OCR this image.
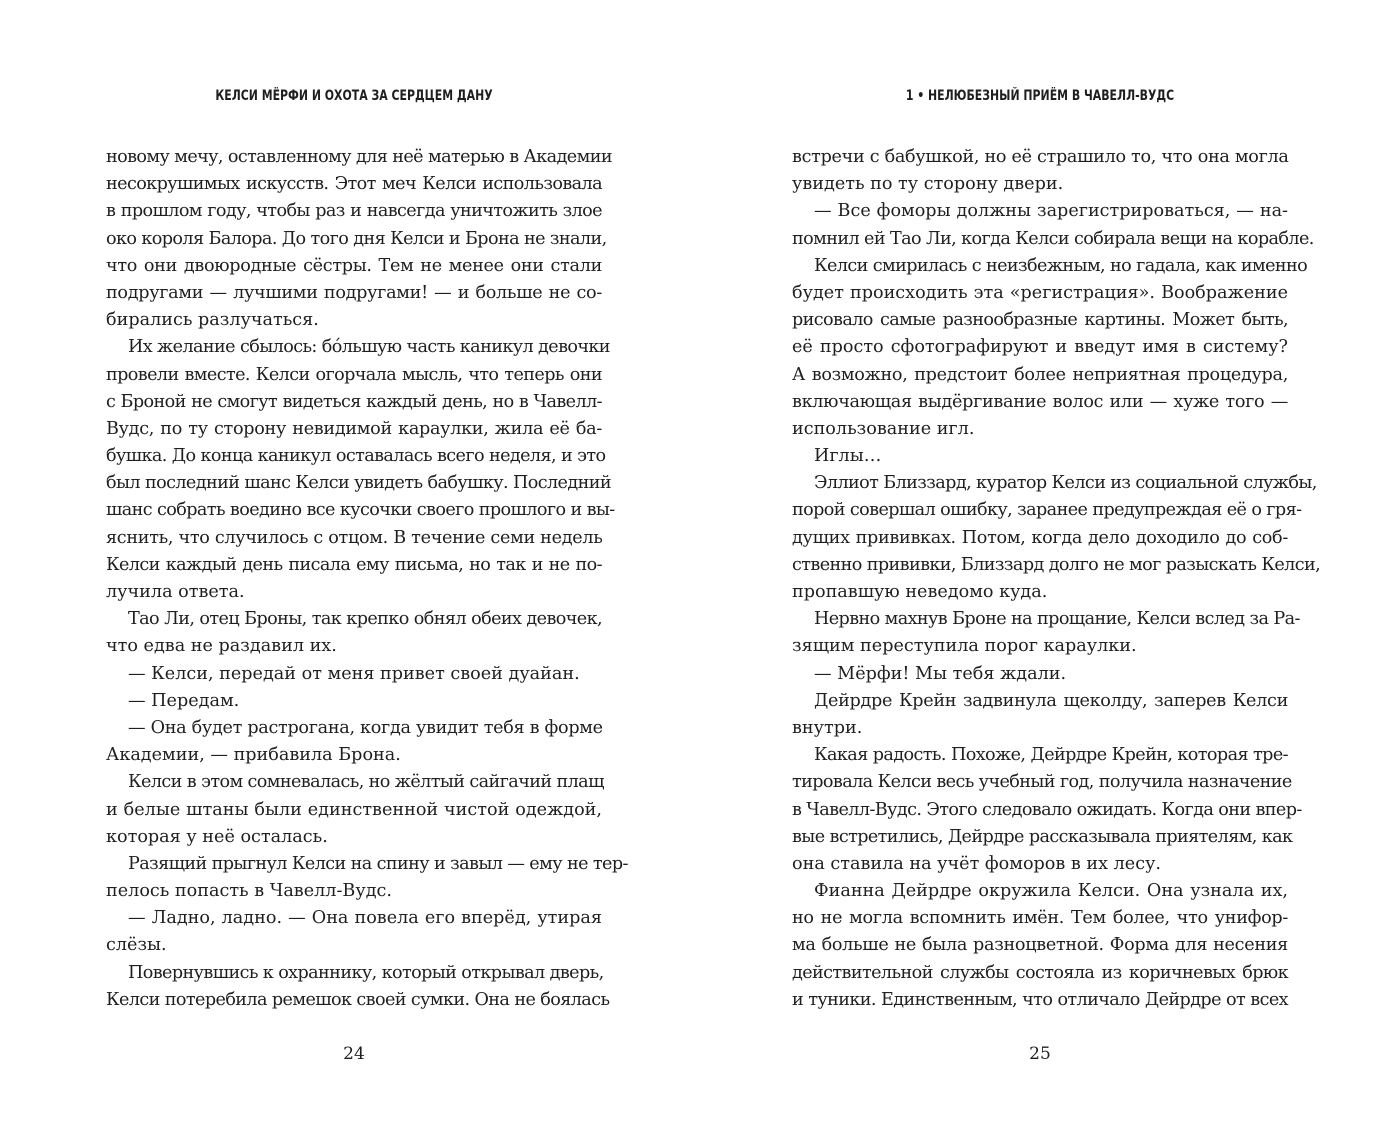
КЕЛСИ МЁРФИ И ОХОТА ЗА СЕРДЦЕМ ДАНУ
новому мечу, оставленному для неё матерью в Академии
несокрушимых искусств. Этот меч Келси использовала
в прошлом году, чтобы раз и навсегда уничтожить злое
око короля Балора. До того дня Келси и Брона не знали,
что они двоюродные сёстры. Тем не менее они стали
подругами — лучшими подругами! — и больше не со-
бирались разлучаться.
Их желание сбылось: бóльшую часть каникул девочки
провели вместе. Келси огорчала мысль, что теперь они
с Броной не смогут видеться каждый день, но в Чавелл-
Вудс, по ту сторону невидимой караулки, жила её ба-
бушка. До конца каникул оставалась всего неделя, и это
был последний шанс Келси увидеть бабушку. Последний
шанс собрать воедино все кусочки своего прошлого и вы-
яснить, что случилось с отцом. В течение семи недель
Келси каждый день писала ему письма, но так и не по-
лучила ответа.
Тао Ли, отец Броны, так крепко обнял обеих девочек,
что едва не раздавил их.
— Келси, передай от меня привет своей дуайан.
— Передам.
— Она будет растрогана, когда увидит тебя в форме
Академии, — прибавила Брона.
Келси в этом сомневалась, но жёлтый сайгачий плащ
и белые штаны были единственной чистой одеждой,
которая у неё осталась.
Разящий прыгнул Келси на спину и завыл — ему не тер-
пелось попасть в Чавелл-Вудс.
— Ладно, ладно. — Она повела его вперёд, утирая
слёзы.
Повернувшись к охраннику, который открывал дверь,
Келси потеребила ремешок своей сумки. Она не боялась
24
1 • НЕЛЮБЕЗНЫЙ ПРИЁМ В ЧАВЕЛЛ-ВУДС
встречи с бабушкой, но её страшило то, что она могла
увидеть по ту сторону двери.
— Все фоморы должны зарегистрироваться, — на-
помнил ей Тао Ли, когда Келси собирала вещи на корабле.
Келси смирилась с неизбежным, но гадала, как именно
будет происходить эта «регистрация». Воображение
рисовало самые разнообразные картины. Может быть,
её просто сфотографируют и введут имя в систему?
А возможно, предстоит более неприятная процедура,
включающая выдёргивание волос или — хуже того —
использование игл.
Иглы…
Эллиот Близзард, куратор Келси из социальной службы,
порой совершал ошибку, заранее предупреждая её о гря-
дущих прививках. Потом, когда дело доходило до соб-
ственно прививки, Близзард долго не мог разыскать Келси,
пропавшую неведомо куда.
Нервно махнув Броне на прощание, Келси вслед за Ра-
зящим переступила порог караулки.
— Мёрфи! Мы тебя ждали.
Дейрдре Крейн задвинула щеколду, заперев Келси
внутри.
Какая радость. Похоже, Дейрдре Крейн, которая тре-
тировала Келси весь учебный год, получила назначение
в Чавелл-Вудс. Этого следовало ожидать. Когда они впер-
вые встретились, Дейрдре рассказывала приятелям, как
она ставила на учёт фоморов в их лесу.
Фианна Дейрдре окружила Келси. Она узнала их,
но не могла вспомнить имён. Тем более, что унифор-
ма больше не была разноцветной. Форма для несения
действительной службы состояла из коричневых брюк
и туники. Единственным, что отличало Дейрдре от всех
25
